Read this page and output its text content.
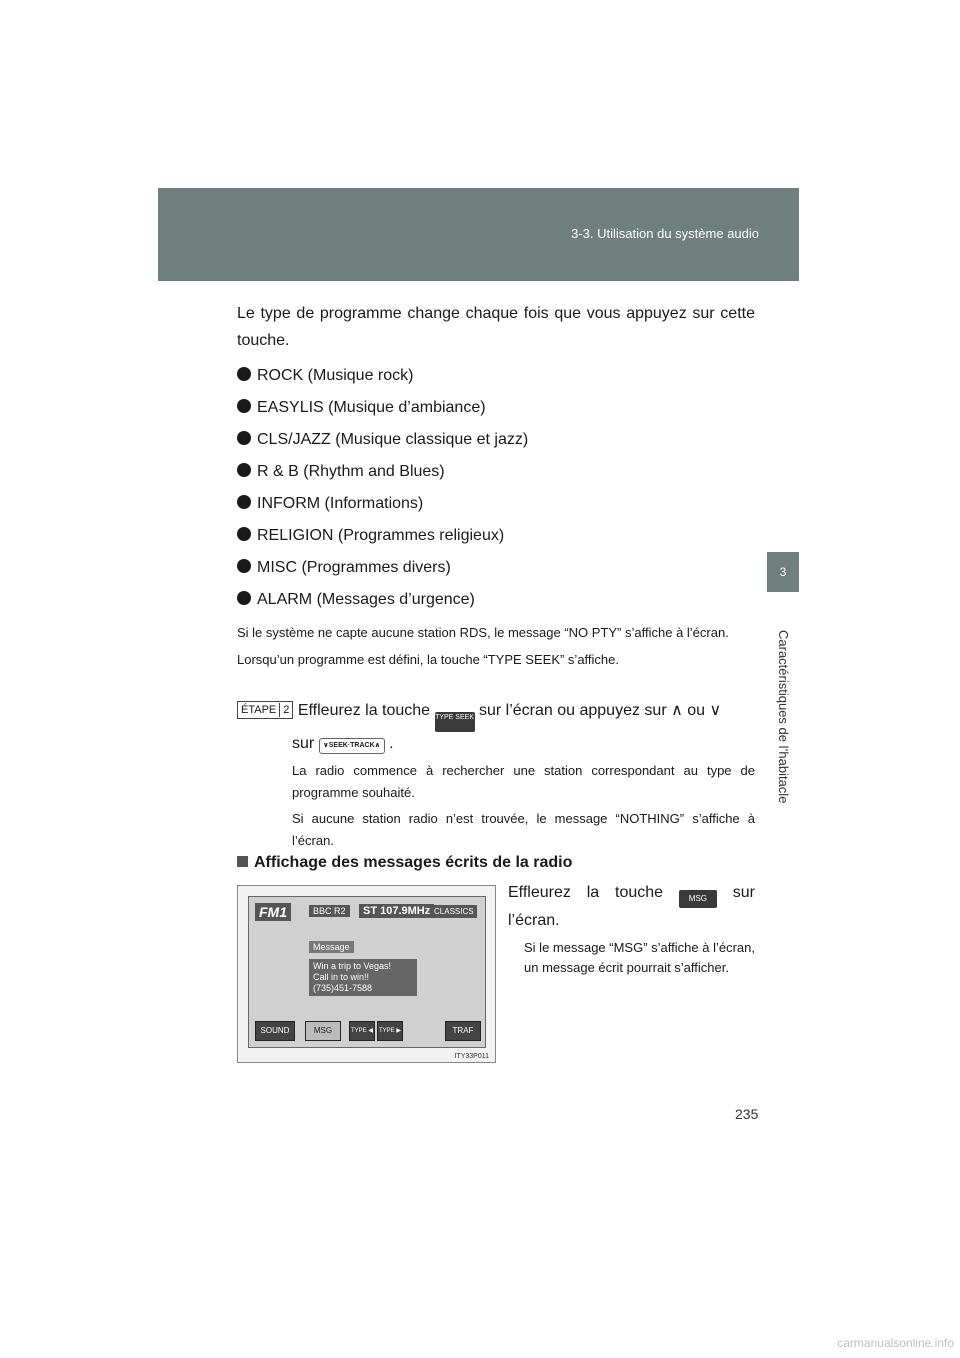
3-3. Utilisation du système audio
3
Caractéristiques de l’habitacle

Le type de programme change chaque fois que vous appuyez sur cette touche.

ROCK (Musique rock)
EASYLIS (Musique d’ambiance)
CLS/JAZZ (Musique classique et jazz)
R & B (Rhythm and Blues)
INFORM (Informations)
RELIGION (Programmes religieux)
MISC (Programmes divers)
ALARM (Messages d’urgence)

Si le système ne capte aucune station RDS, le message “NO PTY” s’affiche à l’écran.

Lorsqu’un programme est défini, la touche “TYPE SEEK” s’affiche.

ÉTAPE 2 Effleurez la touche TYPE SEEK sur l’écran ou appuyez sur ∧ ou ∨
sur ∨SEEK·TRACK∧ .

La radio commence à rechercher une station correspondant au type de programme souhaité.

Si aucune station radio n’est trouvée, le message “NOTHING” s’affiche à l’écran.

Affichage des messages écrits de la radio
FM1	BBC R2	ST 107.9MHz CLASSICS
Message
Win a trip to Vegas!
Call in to win!!
(735)451-7588
SOUND	MSG	TYPE ◀	TYPE ▶	TRAF
ITY33P011
Effleurez la touche	MSG sur l’écran.

Si le message “MSG” s’affiche à l’écran, un message écrit pourrait s’afficher.

235
carmanualsonline.info
